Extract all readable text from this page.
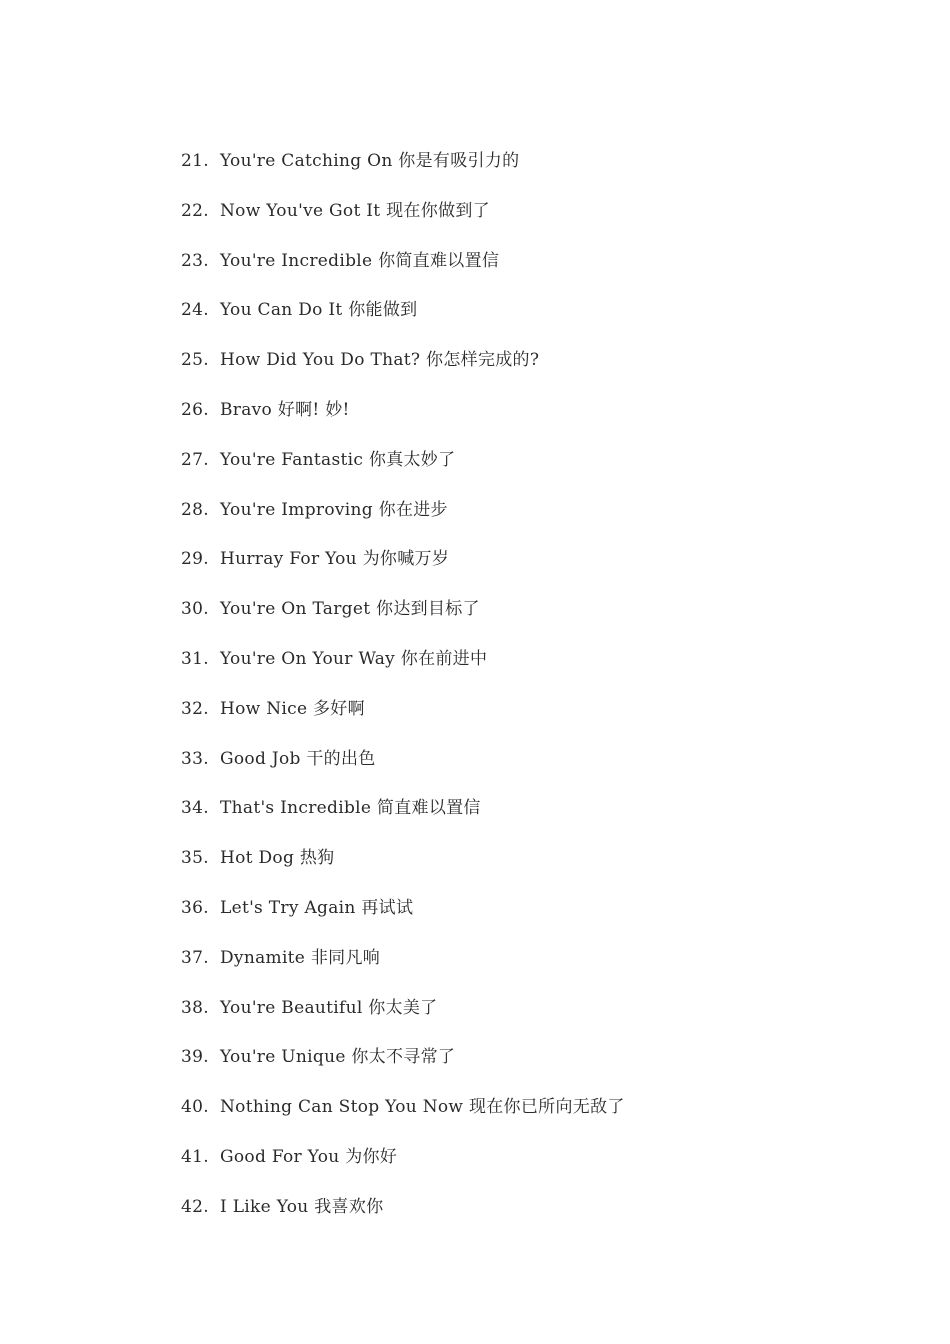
21. You're Catching On 你是有吸引力的
22. Now You've Got It 现在你做到了
23. You're Incredible 你简直难以置信
24. You Can Do It 你能做到
25. How Did You Do That? 你怎样完成的?
26. Bravo 好啊! 妙!
27. You're Fantastic 你真太妙了
28. You're Improving 你在进步
29. Hurray For You 为你喊万岁
30. You're On Target 你达到目标了
31. You're On Your Way 你在前进中
32. How Nice 多好啊
33. Good Job 干的出色
34. That's Incredible 简直难以置信
35. Hot Dog 热狗
36. Let's Try Again 再试试
37. Dynamite 非同凡响
38. You're Beautiful 你太美了
39. You're Unique 你太不寻常了
40. Nothing Can Stop You Now 现在你已所向无敌了
41. Good For You 为你好
42. I Like You 我喜欢你
